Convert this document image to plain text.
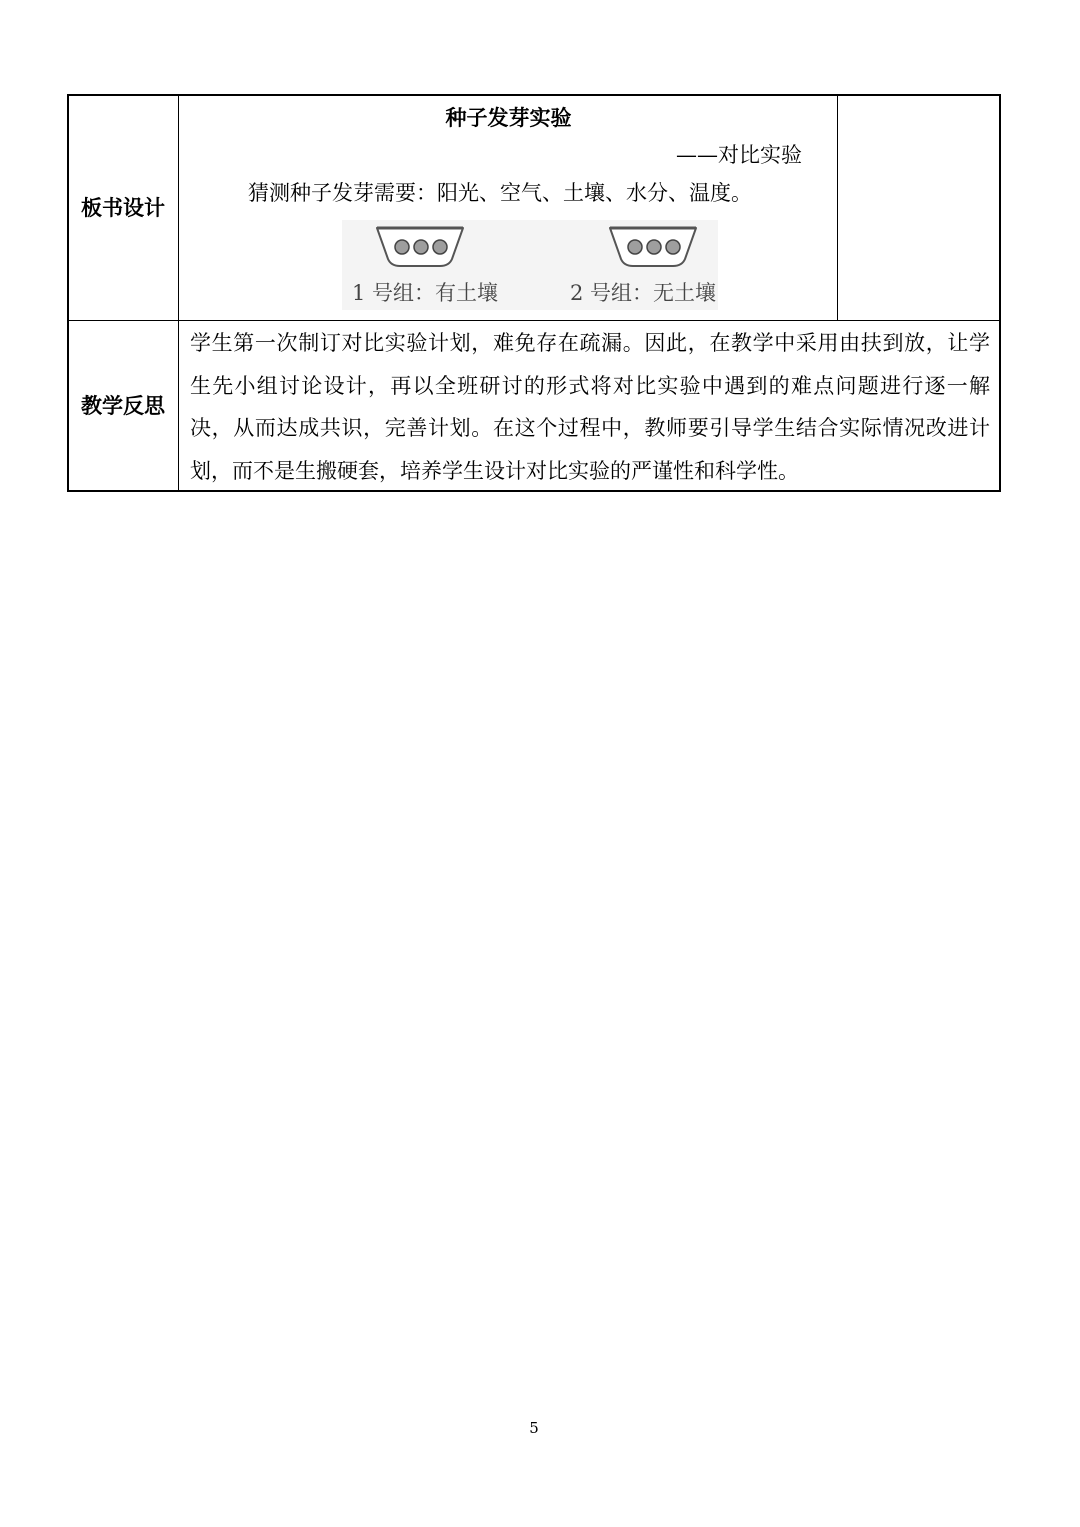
板书设计
种子发芽实验
——对比实验
猜测种子发芽需要：阳光、空气、土壤、水分、温度。
1 号组：有土壤	2 号组：无土壤
教学反思
学生第一次制订对比实验计划，难免存在疏漏。因此，在教学中采用由扶到放，让学
生先小组讨论设计，再以全班研讨的形式将对比实验中遇到的难点问题进行逐一解
决，从而达成共识，完善计划。在这个过程中，教师要引导学生结合实际情况改进计
划，而不是生搬硬套，培养学生设计对比实验的严谨性和科学性。
5
